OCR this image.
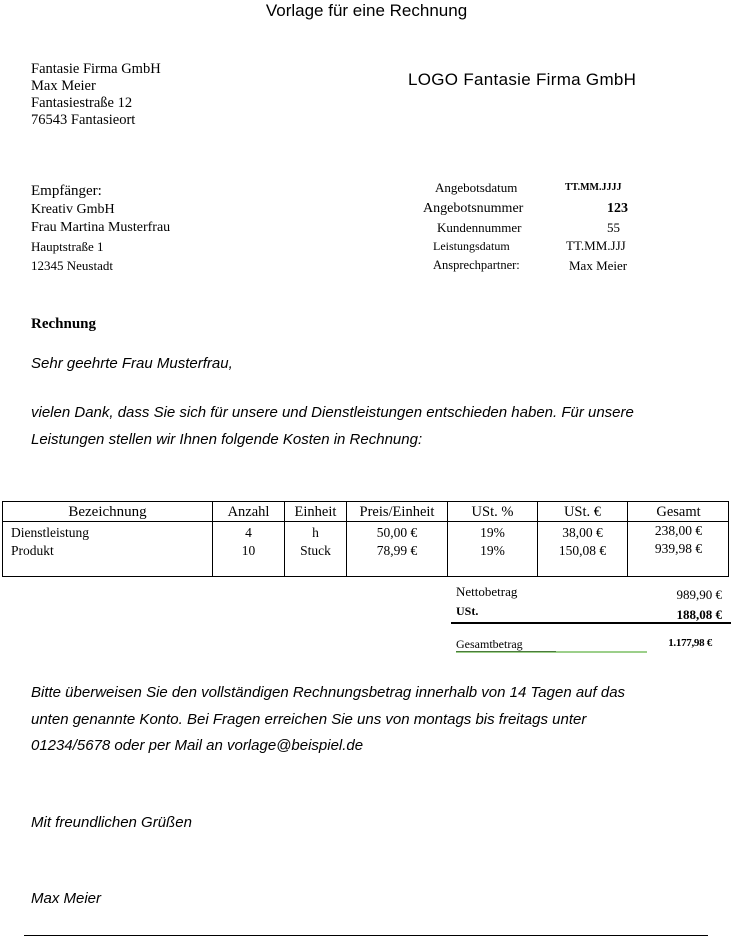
Vorlage für eine Rechnung
Fantasie Firma GmbH
Max Meier
Fantasiestraße 12
76543 Fantasieort
LOGO Fantasie Firma GmbH
Empfänger:
Kreativ GmbH
Frau Martina Musterfrau
Hauptstraße 1
12345 Neustadt
Angebotsdatum	TT.MM.JJJJ
Angebotsnummer	123
Kundennummer	55
Leistungsdatum	TT.MM.JJJ
Ansprechpartner:	Max Meier
Rechnung
Sehr geehrte Frau Musterfrau,
vielen Dank, dass Sie sich für unsere und Dienstleistungen entschieden haben. Für unsere
Leistungen stellen wir Ihnen folgende Kosten in Rechnung:
Bezeichnung	Anzahl	Einheit	Preis/Einheit	USt. %	USt. €	Gesamt
Dienstleistung	4	h	50,00 €	19%	38,00 €	238,00 €
Produkt	10	Stuck	78,99 €	19%	150,08 €	939,98 €
Nettobetrag	989,90 €
USt.	188,08 €
Gesamtbetrag	1.177,98 €
Bitte überweisen Sie den vollständigen Rechnungsbetrag innerhalb von 14 Tagen auf das
unten genannte Konto. Bei Fragen erreichen Sie uns von montags bis freitags unter
01234/5678 oder per Mail an vorlage@beispiel.de
Mit freundlichen Grüßen
Max Meier
